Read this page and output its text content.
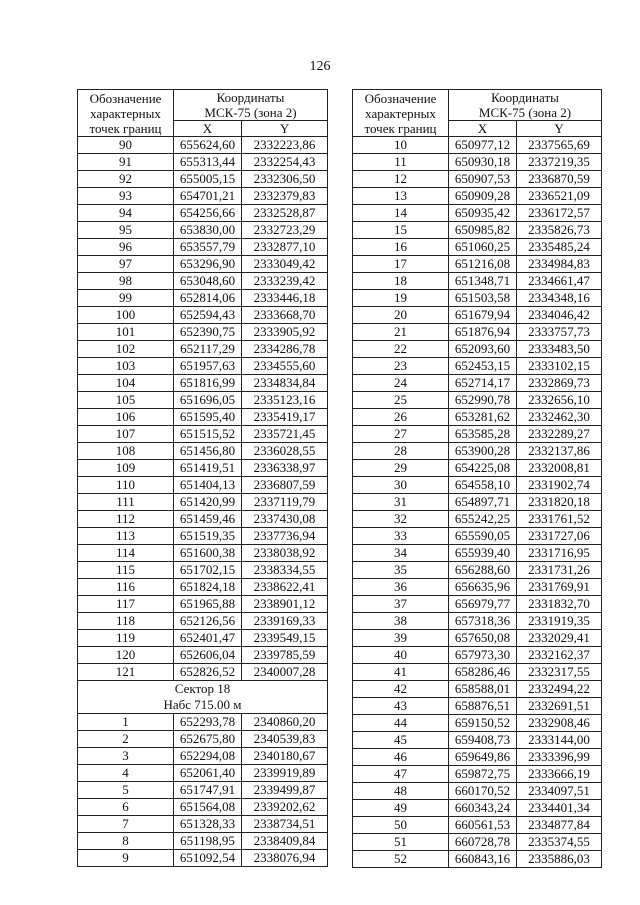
126
Обозначение
характерных
точек границ	Координаты	
	МСК-75 (зона 2)	
	X	Y
90	655624,60	2332223,86
91	655313,44	2332254,43
92	655005,15	2332306,50
93	654701,21	2332379,83
94	654256,66	2332528,87
95	653830,00	2332723,29
96	653557,79	2332877,10
97	653296,90	2333049,42
98	653048,60	2333239,42
99	652814,06	2333446,18
100	652594,43	2333668,70
101	652390,75	2333905,92
102	652117,29	2334286,78
103	651957,63	2334555,60
104	651816,99	2334834,84
105	651696,05	2335123,16
106	651595,40	2335419,17
107	651515,52	2335721,45
108	651456,80	2336028,55
109	651419,51	2336338,97
110	651404,13	2336807,59
111	651420,99	2337119,79
112	651459,46	2337430,08
113	651519,35	2337736,94
114	651600,38	2338038,92
115	651702,15	2338334,55
116	651824,18	2338622,41
117	651965,88	2338901,12
118	652126,56	2339169,33
119	652401,47	2339549,15
120	652606,04	2339785,59
121	652826,52	2340007,28
Сектор 18
Набс 715.00 м		
1	652293,78	2340860,20
2	652675,80	2340539,83
3	652294,08	2340180,67
4	652061,40	2339919,89
5	651747,91	2339499,87
6	651564,08	2339202,62
7	651328,33	2338734,51
8	651198,95	2338409,84
9	651092,54	2338076,94
Обозначение
характерных
точек границ	Координаты	
	МСК-75 (зона 2)	
	X	Y
10	650977,12	2337565,69
11	650930,18	2337219,35
12	650907,53	2336870,59
13	650909,28	2336521,09
14	650935,42	2336172,57
15	650985,82	2335826,73
16	651060,25	2335485,24
17	651216,08	2334984,83
18	651348,71	2334661,47
19	651503,58	2334348,16
20	651679,94	2334046,42
21	651876,94	2333757,73
22	652093,60	2333483,50
23	652453,15	2333102,15
24	652714,17	2332869,73
25	652990,78	2332656,10
26	653281,62	2332462,30
27	653585,28	2332289,27
28	653900,28	2332137,86
29	654225,08	2332008,81
30	654558,10	2331902,74
31	654897,71	2331820,18
32	655242,25	2331761,52
33	655590,05	2331727,06
34	655939,40	2331716,95
35	656288,60	2331731,26
36	656635,96	2331769,91
37	656979,77	2331832,70
38	657318,36	2331919,35
39	657650,08	2332029,41
40	657973,30	2332162,37
41	658286,46	2332317,55
42	658588,01	2332494,22
43	658876,51	2332691,51
44	659150,52	2332908,46
45	659408,73	2333144,00
46	659649,86	2333396,99
47	659872,75	2333666,19
48	660170,52	2334097,51
49	660343,24	2334401,34
50	660561,53	2334877,84
51	660728,78	2335374,55
52	660843,16	2335886,03
